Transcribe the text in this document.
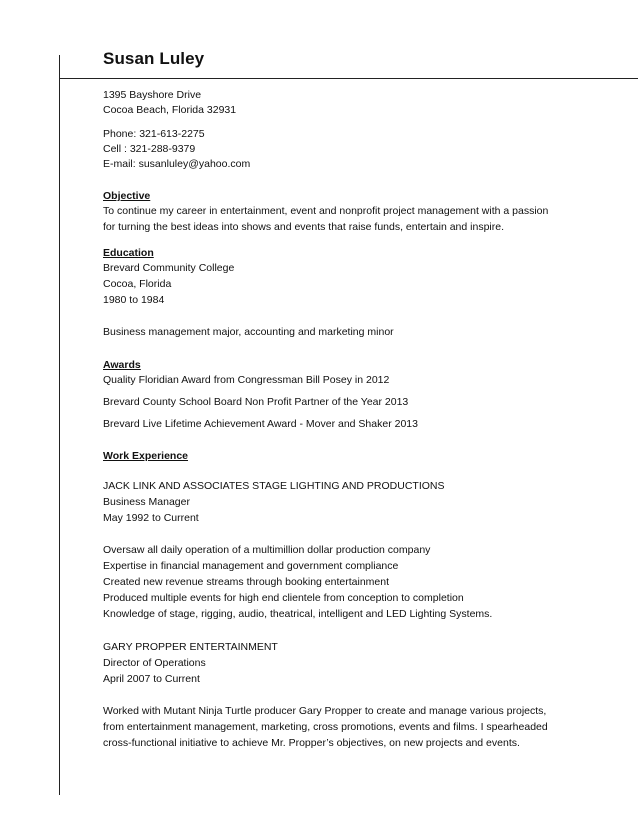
Susan Luley
1395 Bayshore Drive
Cocoa Beach, Florida 32931
Phone: 321-613-2275
Cell : 321-288-9379
E-mail: susanluley@yahoo.com
Objective
To continue my career in entertainment, event and nonprofit project management with a passion
for turning the best ideas into shows and events that raise funds, entertain and inspire.
Education
Brevard Community College
Cocoa, Florida
1980 to 1984
Business management major, accounting and marketing minor
Awards
Quality Floridian Award from Congressman Bill Posey in 2012
Brevard County School Board Non Profit Partner of the Year 2013
Brevard Live Lifetime Achievement Award - Mover and Shaker 2013
Work Experience
JACK LINK AND ASSOCIATES STAGE LIGHTING AND PRODUCTIONS
Business Manager
May 1992 to Current
Oversaw all daily operation of a multimillion dollar production company
Expertise in financial management and government compliance
Created new revenue streams through booking entertainment
Produced multiple events for high end clientele from conception to completion
Knowledge of stage, rigging, audio, theatrical, intelligent and LED Lighting Systems.
GARY PROPPER ENTERTAINMENT
Director of Operations
April 2007 to Current
Worked with Mutant Ninja Turtle producer Gary Propper to create and manage various projects,
from entertainment management, marketing, cross promotions, events and films. I spearheaded
cross-functional initiative to achieve Mr. Propper’s objectives, on new projects and events.
